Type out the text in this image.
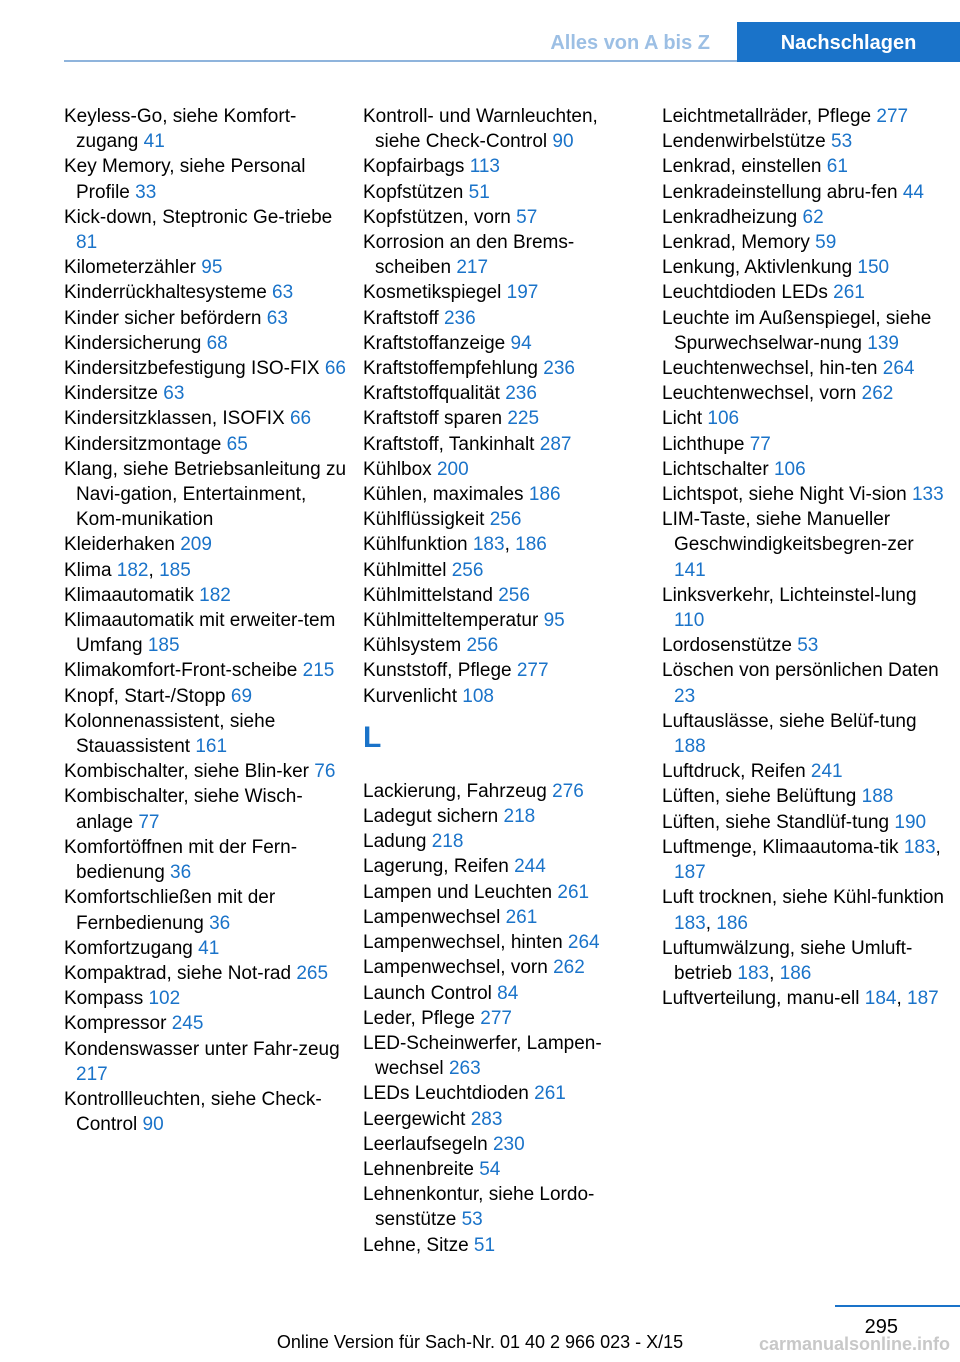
Alles von A bis Z	Nachschlagen
Keyless-Go, siehe Komfort-zugang 41
Key Memory, siehe Personal Profile 33
Kick-down, Steptronic Ge-triebe 81
Kilometerzähler 95
Kinderrückhaltesysteme 63
Kinder sicher befördern 63
Kindersicherung 68
Kindersitzbefestigung ISO-FIX 66
Kindersitze 63
Kindersitzklassen, ISOFIX 66
Kindersitzmontage 65
Klang, siehe Betriebsanleitung zu Navi-gation, Entertainment, Kom-munikation
Kleiderhaken 209
Klima 182, 185
Klimaautomatik 182
Klimaautomatik mit erweiter-tem Umfang 185
Klimakomfort-Front-scheibe 215
Knopf, Start-/Stopp 69
Kolonnenassistent, siehe Stauassistent 161
Kombischalter, siehe Blin-ker 76
Kombischalter, siehe Wisch-anlage 77
Komfortöffnen mit der Fern-bedienung 36
Komfortschließen mit der Fernbedienung 36
Komfortzugang 41
Kompaktrad, siehe Not-rad 265
Kompass 102
Kompressor 245
Kondenswasser unter Fahr-zeug 217
Kontrollleuchten, siehe Check-Control 90
Kontroll- und Warnleuchten, siehe Check-Control 90
Kopfairbags 113
Kopfstützen 51
Kopfstützen, vorn 57
Korrosion an den Brems-scheiben 217
Kosmetikspiegel 197
Kraftstoff 236
Kraftstoffanzeige 94
Kraftstoffempfehlung 236
Kraftstoffqualität 236
Kraftstoff sparen 225
Kraftstoff, Tankinhalt 287
Kühlbox 200
Kühlen, maximales 186
Kühlflüssigkeit 256
Kühlfunktion 183, 186
Kühlmittel 256
Kühlmittelstand 256
Kühlmitteltemperatur 95
Kühlsystem 256
Kunststoff, Pflege 277
Kurvenlicht 108
L
Lackierung, Fahrzeug 276
Ladegut sichern 218
Ladung 218
Lagerung, Reifen 244
Lampen und Leuchten 261
Lampenwechsel 261
Lampenwechsel, hinten 264
Lampenwechsel, vorn 262
Launch Control 84
Leder, Pflege 277
LED-Scheinwerfer, Lampen-wechsel 263
LEDs Leuchtdioden 261
Leergewicht 283
Leerlaufsegeln 230
Lehnenbreite 54
Lehnenkontur, siehe Lordo-senstütze 53
Lehne, Sitze 51
Leichtmetallräder, Pflege 277
Lendenwirbelstütze 53
Lenkrad, einstellen 61
Lenkradeinstellung abru-fen 44
Lenkradheizung 62
Lenkrad, Memory 59
Lenkung, Aktivlenkung 150
Leuchtdioden LEDs 261
Leuchte im Außenspiegel, siehe Spurwechselwar-nung 139
Leuchtenwechsel, hin-ten 264
Leuchtenwechsel, vorn 262
Licht 106
Lichthupe 77
Lichtschalter 106
Lichtspot, siehe Night Vi-sion 133
LIM-Taste, siehe Manueller Geschwindigkeitsbegren-zer 141
Linksverkehr, Lichteinstel-lung 110
Lordosenstütze 53
Löschen von persönlichen Daten 23
Luftauslässe, siehe Belüf-tung 188
Luftdruck, Reifen 241
Lüften, siehe Belüftung 188
Lüften, siehe Standlüf-tung 190
Luftmenge, Klimaautoma-tik 183, 187
Luft trocknen, siehe Kühl-funktion 183, 186
Luftumwälzung, siehe Umluft-betrieb 183, 186
Luftverteilung, manu-ell 184, 187
295
Online Version für Sach-Nr. 01 40 2 966 023 - X/15	carmanualsonline.info
